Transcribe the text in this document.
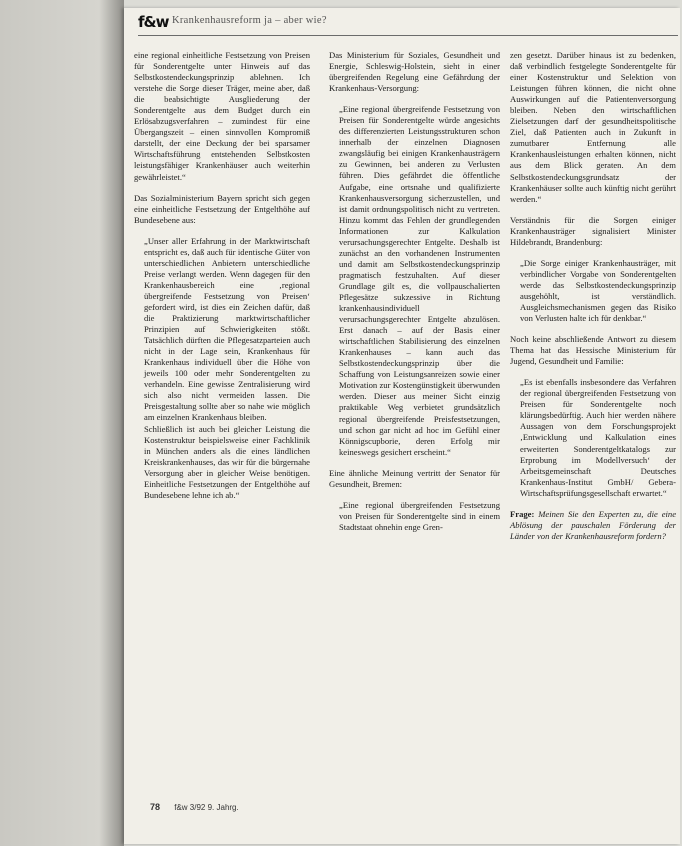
f&w Krankenhausreform ja – aber wie?

eine regional einheitliche Festsetzung von Preisen für Sonderentgelte unter Hinweis auf das Selbstkostendeckungsprinzip ablehnen. Ich verstehe die Sorge dieser Träger, meine aber, daß die beabsichtigte Ausgliederung der Sonderentgelte aus dem Budget durch ein Erlösabzugsverfahren – zumindest für eine Übergangszeit – einen sinnvollen Kompromiß darstellt, der eine Deckung der bei sparsamer Wirtschaftsführung entstehenden Selbstkosten leistungsfähiger Krankenhäuser auch weiterhin gewährleistet.“

Das Sozialministerium Bayern spricht sich gegen eine einheitliche Festsetzung der Entgelthöhe auf Bundesebene aus:

„Unser aller Erfahrung in der Marktwirtschaft entspricht es, daß auch für identische Güter von unterschiedlichen Anbietern unterschiedliche Preise verlangt werden. Wenn dagegen für den Krankenhausbereich eine ‚regional übergreifende Festsetzung von Preisen‘ gefordert wird, ist dies ein Zeichen dafür, daß die Praktizierung marktwirtschaftlicher Prinzipien auf Schwierigkeiten stößt. Tatsächlich dürften die Pflegesatzparteien auch nicht in der Lage sein, Krankenhaus für Krankenhaus individuell über die Höhe von jeweils 100 oder mehr Sonderentgelten zu verhandeln. Eine gewisse Zentralisierung wird sich also nicht vermeiden lassen. Die Preisgestaltung sollte aber so nahe wie möglich am einzelnen Krankenhaus bleiben.

Schließlich ist auch bei gleicher Leistung die Kostenstruktur beispielsweise einer Fachklinik in München anders als die eines ländlichen Kreiskrankenhauses, das wir für die bürgernahe Versorgung aber in gleicher Weise benötigen. Einheitliche Festsetzungen der Entgelthöhe auf Bundesebene lehne ich ab.“

Das Ministerium für Soziales, Gesundheit und Energie, Schleswig-Holstein, sieht in einer übergreifenden Regelung eine Gefährdung der Krankenhaus-Versorgung:

„Eine regional übergreifende Festsetzung von Preisen für Sonderentgelte würde angesichts des differenzierten Leistungsstrukturen schon innerhalb der einzelnen Diagnosen zwangsläufig bei einigen Krankenhausträgern zu Gewinnen, bei anderen zu Verlusten führen. Dies gefährdet die öffentliche Aufgabe, eine ortsnahe und qualifizierte Krankenhausversorgung sicherzustellen, und ist damit ordnungspolitisch nicht zu vertreten. Hinzu kommt das Fehlen der grundlegenden Informationen zur Kalkulation verursachungsgerechter Entgelte. Deshalb ist zunächst an den vorhandenen Instrumenten und damit am Selbstkostendeckungsprinzip pragmatisch festzuhalten. Auf dieser Grundlage gilt es, die vollpauschalierten Pflegesätze sukzessive in Richtung krankenhausindividuell verursachungsgerechter Entgelte abzulösen. Erst danach – auf der Basis einer wirtschaftlichen Stabilisierung des einzelnen Krankenhauses – kann auch das Selbstkostendeckungsprinzip über die Schaffung von Leistungsanreizen sowie einer Motivation zur Kostengünstigkeit überwunden werden. Dieser aus meiner Sicht einzig praktikable Weg verbietet grundsätzlich regional übergreifende Preisfestsetzungen, und schon gar nicht ad hoc im Gefühl einer Könnigscupborie, deren Erfolg mir keineswegs gesichert erscheint.“

Eine ähnliche Meinung vertritt der Senator für Gesundheit, Bremen:

„Eine regional übergreifenden Festsetzung von Preisen für Sonderentgelte sind in einem Stadtstaat ohnehin enge Gren-

zen gesetzt. Darüber hinaus ist zu bedenken, daß verbindlich festgelegte Sonderentgelte für einer Kostenstruktur und Selektion von Leistungen führen können, die nicht ohne Auswirkungen auf die Patientenversorgung bleiben. Neben den wirtschaftlichen Zielsetzungen darf der gesundheitspolitische Ziel, daß Patienten auch in Zukunft in zumutbarer Entfernung alle Krankenhausleistungen erhalten können, nicht aus dem Blick geraten. An dem Selbstkostendeckungsgrundsatz der Krankenhäuser sollte auch künftig nicht gerührt werden.“

Verständnis für die Sorgen einiger Krankenhausträger signalisiert Minister Hildebrandt, Brandenburg:

„Die Sorge einiger Krankenhausträger, mit verbindlicher Vorgabe von Sonderentgelten werde das Selbstkostendeckungsprinzip ausgehöhlt, ist verständlich. Ausgleichsmechanismen gegen das Risiko von Verlusten halte ich für denkbar.“

Noch keine abschließende Antwort zu diesem Thema hat das Hessische Ministerium für Jugend, Gesundheit und Familie:

„Es ist ebenfalls insbesondere das Verfahren der regional übergreifenden Festsetzung von Preisen für Sonderentgelte noch klärungsbedürftig. Auch hier werden nähere Aussagen von dem Forschungsprojekt ‚Entwicklung und Kalkulation eines erweiterten Sonderentgeltkatalogs zur Erprobung im Modellversuch‘ der Arbeitsgemeinschaft Deutsches Krankenhaus-Institut GmbH/ Gebera-Wirtschaftsprüfungsgesellschaft erwartet.“

Frage: Meinen Sie den Experten zu, die eine Ablösung der pauschalen Förderung der Länder von der Krankenhausreform fordern?

78 f&w 3/92 9. Jahrg.
